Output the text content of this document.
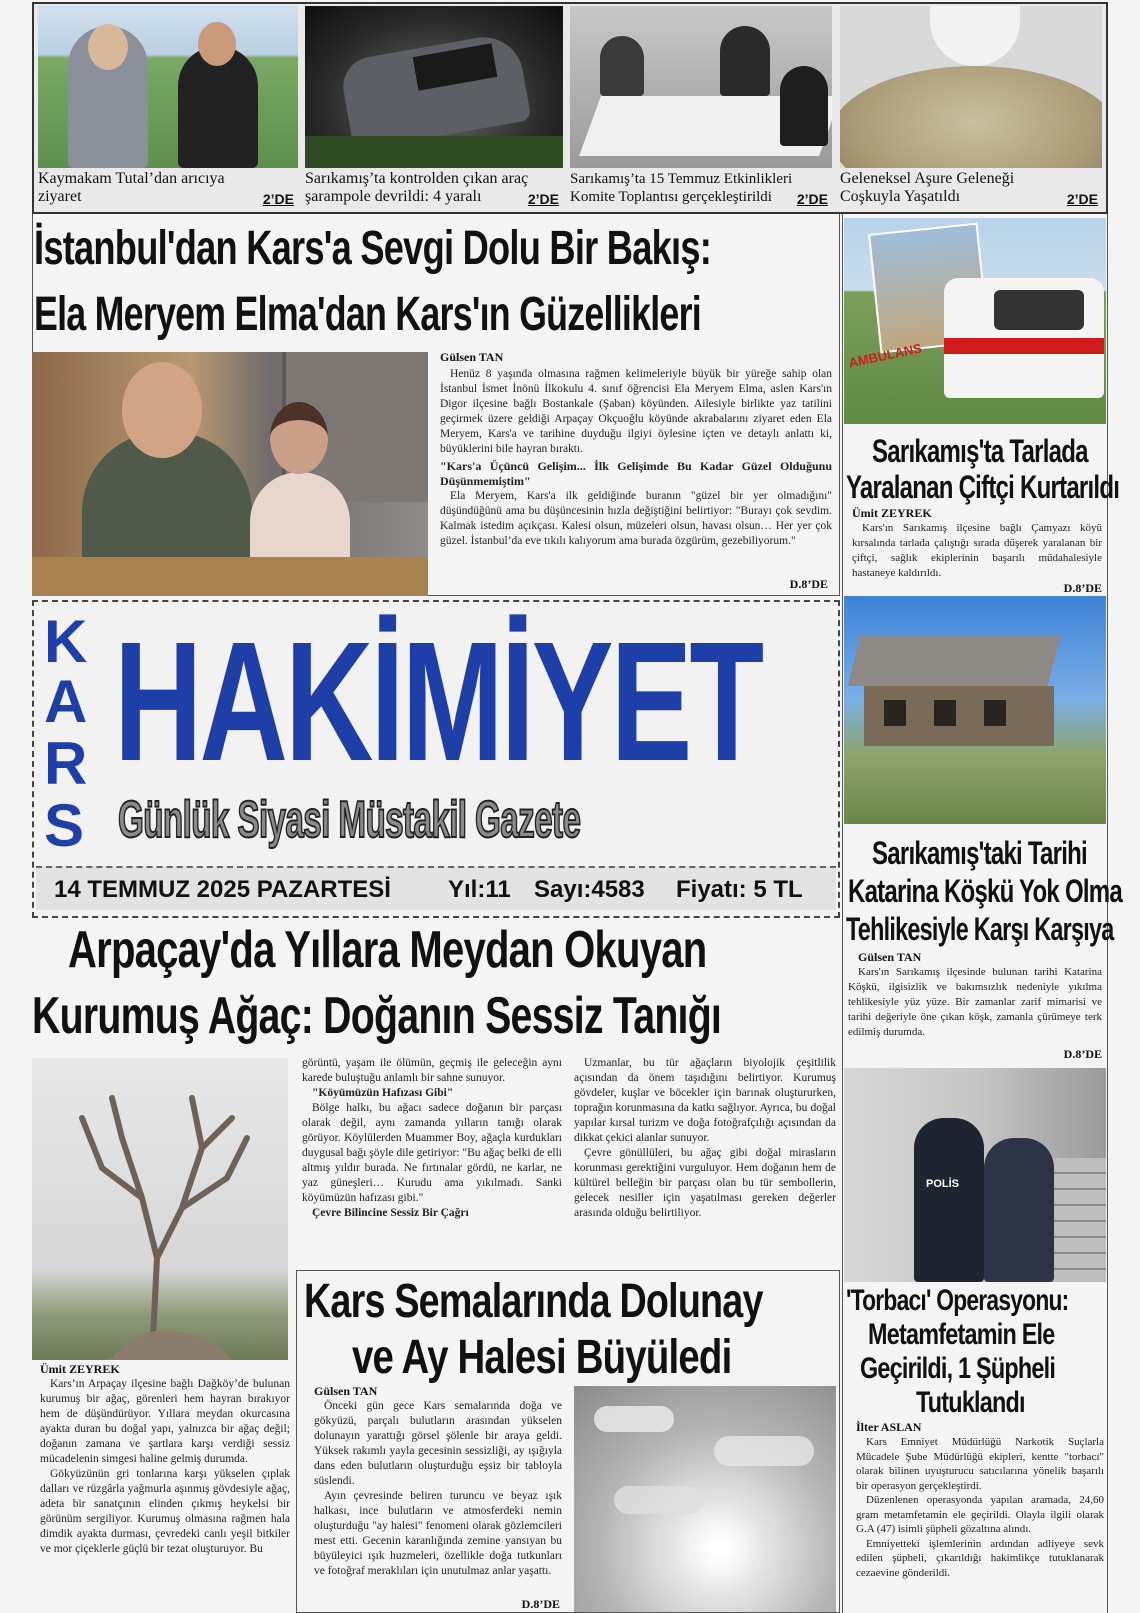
Kaymakam Tutal’dan arıcıya
ziyaret	2’DE
Sarıkamış’ta kontrolden çıkan araç
şarampole devrildi: 4 yaralı	2’DE
Sarıkamış’ta 15 Temmuz Etkinlikleri
Komite Toplantısı gerçekleştirildi	2’DE
Geleneksel Aşure Geleneği
Coşkuyla Yaşatıldı	2’DE
İstanbul'dan Kars'a Sevgi Dolu Bir Bakış:
Ela Meryem Elma'dan Kars'ın Güzellikleri
Gülsen TAN

Henüz 8 yaşında olmasına rağmen kelimeleriyle büyük bir yüreğe sahip olan İstanbul İsmet İnönü İlkokulu 4. sınıf öğrencisi Ela Meryem Elma, aslen Kars'ın Digor ilçesine bağlı Bostankale (Şaban) köyünden. Ailesiyle birlikte yaz tatilini geçirmek üzere geldiği Arpaçay Okçuoğlu köyünde akrabalarını ziyaret eden Ela Meryem, Kars'a ve tarihine duyduğu ilgiyi öylesine içten ve detaylı anlattı ki, büyüklerini bile hayran bıraktı.

"Kars'a Üçüncü Gelişim... İlk Gelişimde Bu Kadar Güzel Olduğunu Düşünmemiştim"

Ela Meryem, Kars'a ilk geldiğinde buranın "güzel bir yer olmadığını" düşündüğünü ama bu düşüncesinin hızla değiştiğini belirtiyor: "Burayı çok sevdim. Kalmak istedim açıkçası. Kalesi olsun, müzeleri olsun, havası olsun… Her yer çok güzel. İstanbul’da eve tıkılı kalıyorum ama burada özgürüm, gezebiliyorum."

D.8’DE
K
A
R
S
HAKİMİYET
Günlük Siyasi Müstakil Gazete
14 TEMMUZ 2025 PAZARTESİ Yıl:11 Sayı:4583 Fiyatı: 5 TL
Arpaçay'da Yıllara Meydan Okuyan
Kurumuş Ağaç: Doğanın Sessiz Tanığı
Ümit ZEYREK

Kars’ın Arpaçay ilçesine bağlı Dağköy’de bulunan kurumuş bir ağaç, görenleri hem hayran bırakıyor hem de düşündürüyor. Yıllara meydan okurcasına ayakta duran bu doğal yapı, yalnızca bir ağaç değil; doğanın zamana ve şartlara karşı verdiği sessiz mücadelenin simgesi haline gelmiş durumda.

Gökyüzünün gri tonlarına karşı yükselen çıplak dalları ve rüzgârla yağmurla aşınmış gövdesiyle ağaç, adeta bir sanatçının elinden çıkmış heykelsi bir görünüm sergiliyor. Kurumuş olmasına rağmen hala dimdik ayakta durması, çevredeki canlı yeşil bitkiler ve mor çiçeklerle güçlü bir tezat oluşturuyor. Bu

görüntü, yaşam ile ölümün, geçmiş ile geleceğin aynı karede buluştuğu anlamlı bir sahne sunuyor.
"Köyümüzün Hafızası Gibi"

Bölge halkı, bu ağacı sadece doğanın bir parçası olarak değil, aynı zamanda yılların tanığı olarak görüyor. Köylülerden Muammer Boy, ağaçla kurdukları duygusal bağı şöyle dile getiriyor: "Bu ağaç belki de elli altmış yıldır burada. Ne fırtınalar gördü, ne karlar, ne yaz güneşleri… Kurudu ama yıkılmadı. Sanki köyümüzün hafızası gibi."

Çevre Bilincine Sessiz Bir Çağrı

Uzmanlar, bu tür ağaçların biyolojik çeşitlilik açısından da önem taşıdığını belirtiyor. Kurumuş gövdeler, kuşlar ve böcekler için barınak oluştururken, toprağın korunmasına da katkı sağlıyor. Ayrıca, bu doğal yapılar kırsal turizm ve doğa fotoğrafçılığı açısından da dikkat çekici alanlar sunuyor.

Çevre gönüllüleri, bu ağaç gibi doğal mirasların korunması gerektiğini vurguluyor. Hem doğanın hem de kültürel belleğin bir parçası olan bu tür sembollerin, gelecek nesiller için yaşatılması gereken değerler arasında olduğu belirtiliyor.

Kars Semalarında Dolunay
ve Ay Halesi Büyüledi
Gülsen TAN

Önceki gün gece Kars semalarında doğa ve gökyüzü, parçalı bulutların arasından yükselen dolunayın yarattığı görsel şölenle bir araya geldi. Yüksek rakımlı yayla gecesinin sessizliği, ay ışığıyla dans eden bulutların oluşturduğu eşsiz bir tabloyla süslendi.

Ayın çevresinde beliren turuncu ve beyaz ışık halkası, ince bulutların ve atmosferdeki nemin oluşturduğu "ay halesi" fenomeni olarak gözlemcileri mest etti. Gecenin karanlığında zemine yansıyan bu büyüleyici ışık huzmeleri, özellikle doğa tutkunları ve fotoğraf meraklıları için unutulmaz anlar yaşattı.

D.8’DE
AMBULANS
Sarıkamış'ta Tarlada
Yaralanan Çiftçi Kurtarıldı
Ümit ZEYREK

Kars'ın Sarıkamış ilçesine bağlı Çamyazı köyü kırsalında tarlada çalıştığı sırada düşerek yaralanan bir çiftçi, sağlık ekiplerinin başarılı müdahalesiyle hastaneye kaldırıldı.

D.8’DE
Sarıkamış'taki Tarihi
Katarina Köşkü Yok Olma
Tehlikesiyle Karşı Karşıya
Gülsen TAN

Kars'ın Sarıkamış ilçesinde bulunan tarihi Katarina Köşkü, ilgisizlik ve bakımsızlık nedeniyle yıkılma tehlikesiyle yüz yüze. Bir zamanlar zarif mimarisi ve tarihi değeriyle öne çıkan köşk, zamanla çürümeye terk edilmiş durumda.

D.8’DE
POLİS
'Torbacı' Operasyonu:
Metamfetamin Ele
Geçirildi, 1 Şüpheli
Tutuklandı
İlter ASLAN

Kars Emniyet Müdürlüğü Narkotik Suçlarla Mücadele Şube Müdürlüğü ekipleri, kentte "torbacı" olarak bilinen uyuşturucu satıcılarına yönelik başarılı bir operasyon gerçekleştirdi.

Düzenlenen operasyonda yapılan aramada, 24,60 gram metamfetamin ele geçirildi. Olayla ilgili olarak G.A (47) isimli şüpheli gözaltına alındı.

Emniyetteki işlemlerinin ardından adliyeye sevk edilen şüpheli, çıkarıldığı hakimlikçe tutuklanarak cezaevine gönderildi.
